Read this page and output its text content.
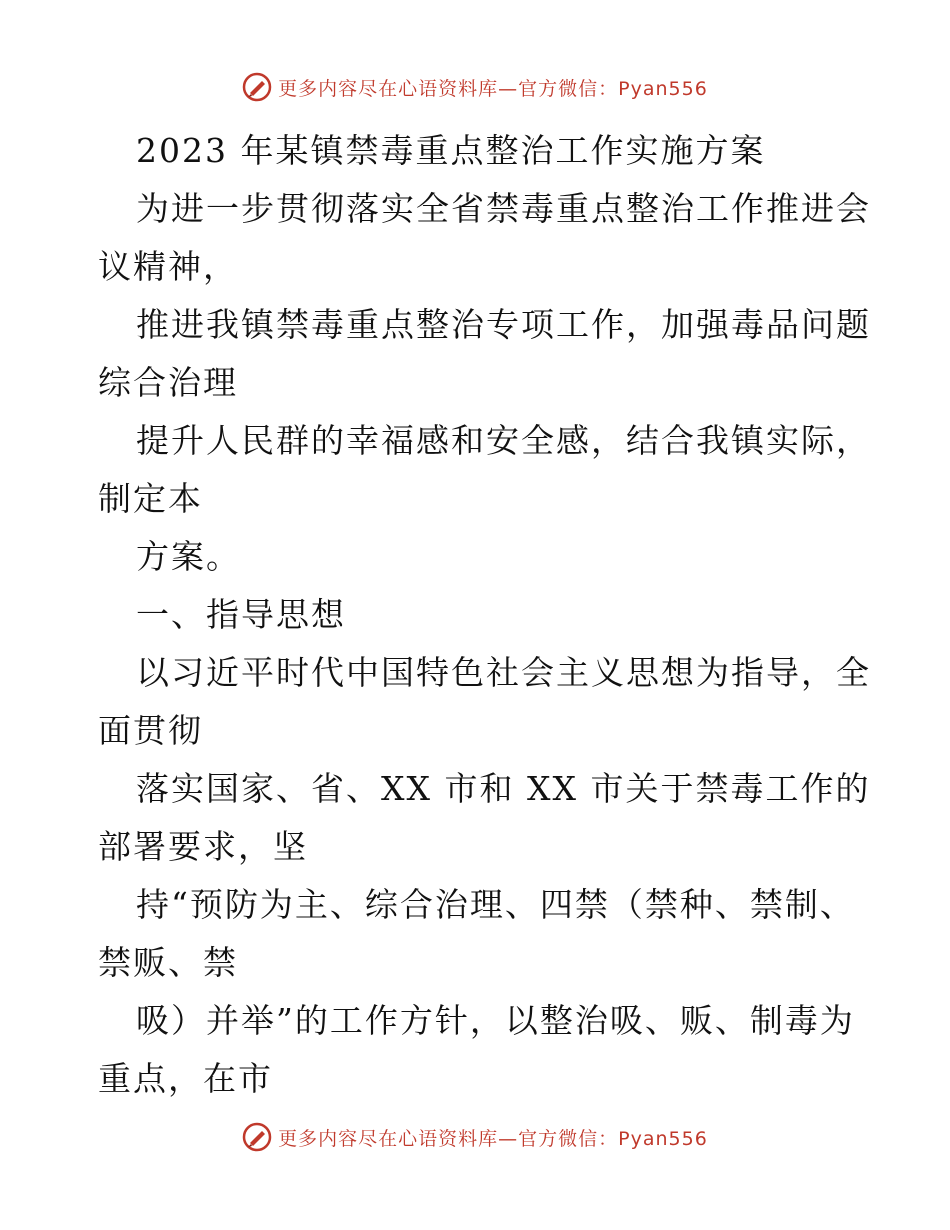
更多内容尽在心语资料库—官方微信：Pyan556
2023 年某镇禁毒重点整治工作实施方案
为进一步贯彻落实全省禁毒重点整治工作推进会
议精神，
推进我镇禁毒重点整治专项工作，加强毒品问题
综合治理
提升人民群的幸福感和安全感，结合我镇实际，
制定本
方案。
一、指导思想
以习近平时代中国特色社会主义思想为指导，全
面贯彻
落实国家、省、XX 市和 XX 市关于禁毒工作的
部署要求，坚
持“预防为主、综合治理、四禁（禁种、禁制、
禁贩、禁
吸）并举”的工作方针，以整治吸、贩、制毒为
重点，在市
更多内容尽在心语资料库—官方微信：Pyan556
